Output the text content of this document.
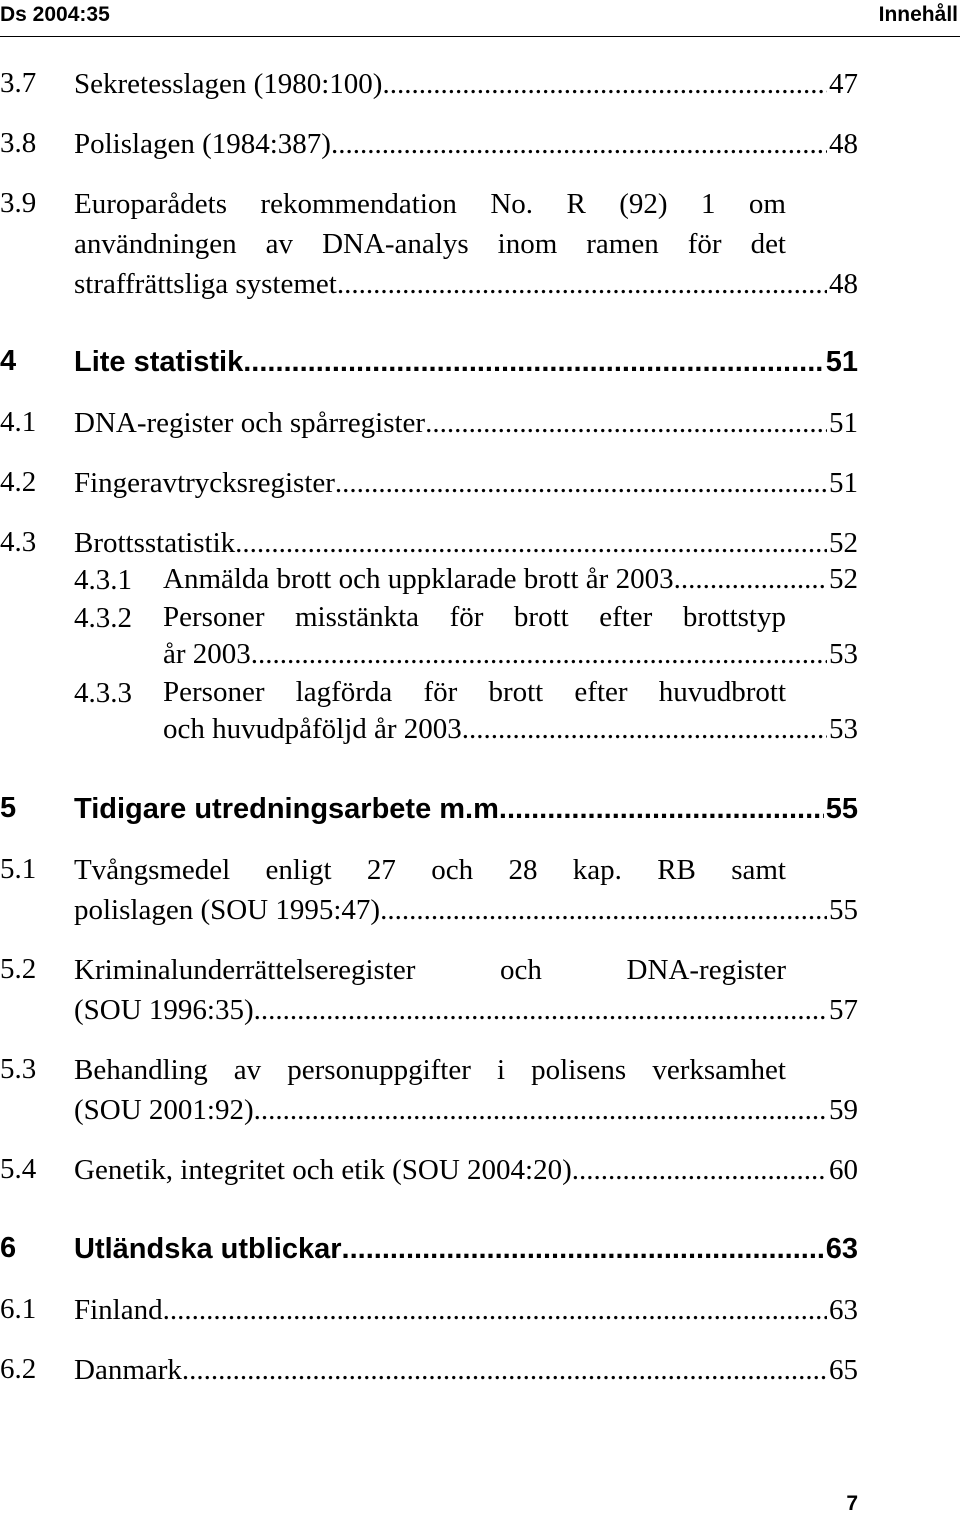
Ds 2004:35	Innehåll
3.7 Sekretesslagen (1980:100) .....	47
3.8 Polislagen (1984:387) .....	48
3.9 Europarådets rekommendation No. R (92) 1 om
användningen av DNA-analys inom ramen för det
straffrättsliga systemet .....	48
4 Lite statistik .....	51
4.1 DNA-register och spårregister .....	51
4.2 Fingeravtrycksregister .....	51
4.3 Brottsstatistik .....	52
4.3.1 Anmälda brott och uppklarade brott år 2003 .....	52
4.3.2 Personer misstänkta för brott efter brottstyp
år 2003 .....	53
4.3.3 Personer lagförda för brott efter huvudbrott
och huvudpåföljd år 2003 .....	53
5 Tidigare utredningsarbete m.m. .....	55
5.1 Tvångsmedel enligt 27 och 28 kap. RB samt
polislagen (SOU 1995:47) .....	55
5.2 Kriminalunderrättelseregister och DNA-register
(SOU 1996:35) .....	57
5.3 Behandling av personuppgifter i polisens verksamhet
(SOU 2001:92) .....	59
5.4 Genetik, integritet och etik (SOU 2004:20) .....	60
6 Utländska utblickar .....	63
6.1 Finland .....	63
6.2 Danmark .....	65
7
